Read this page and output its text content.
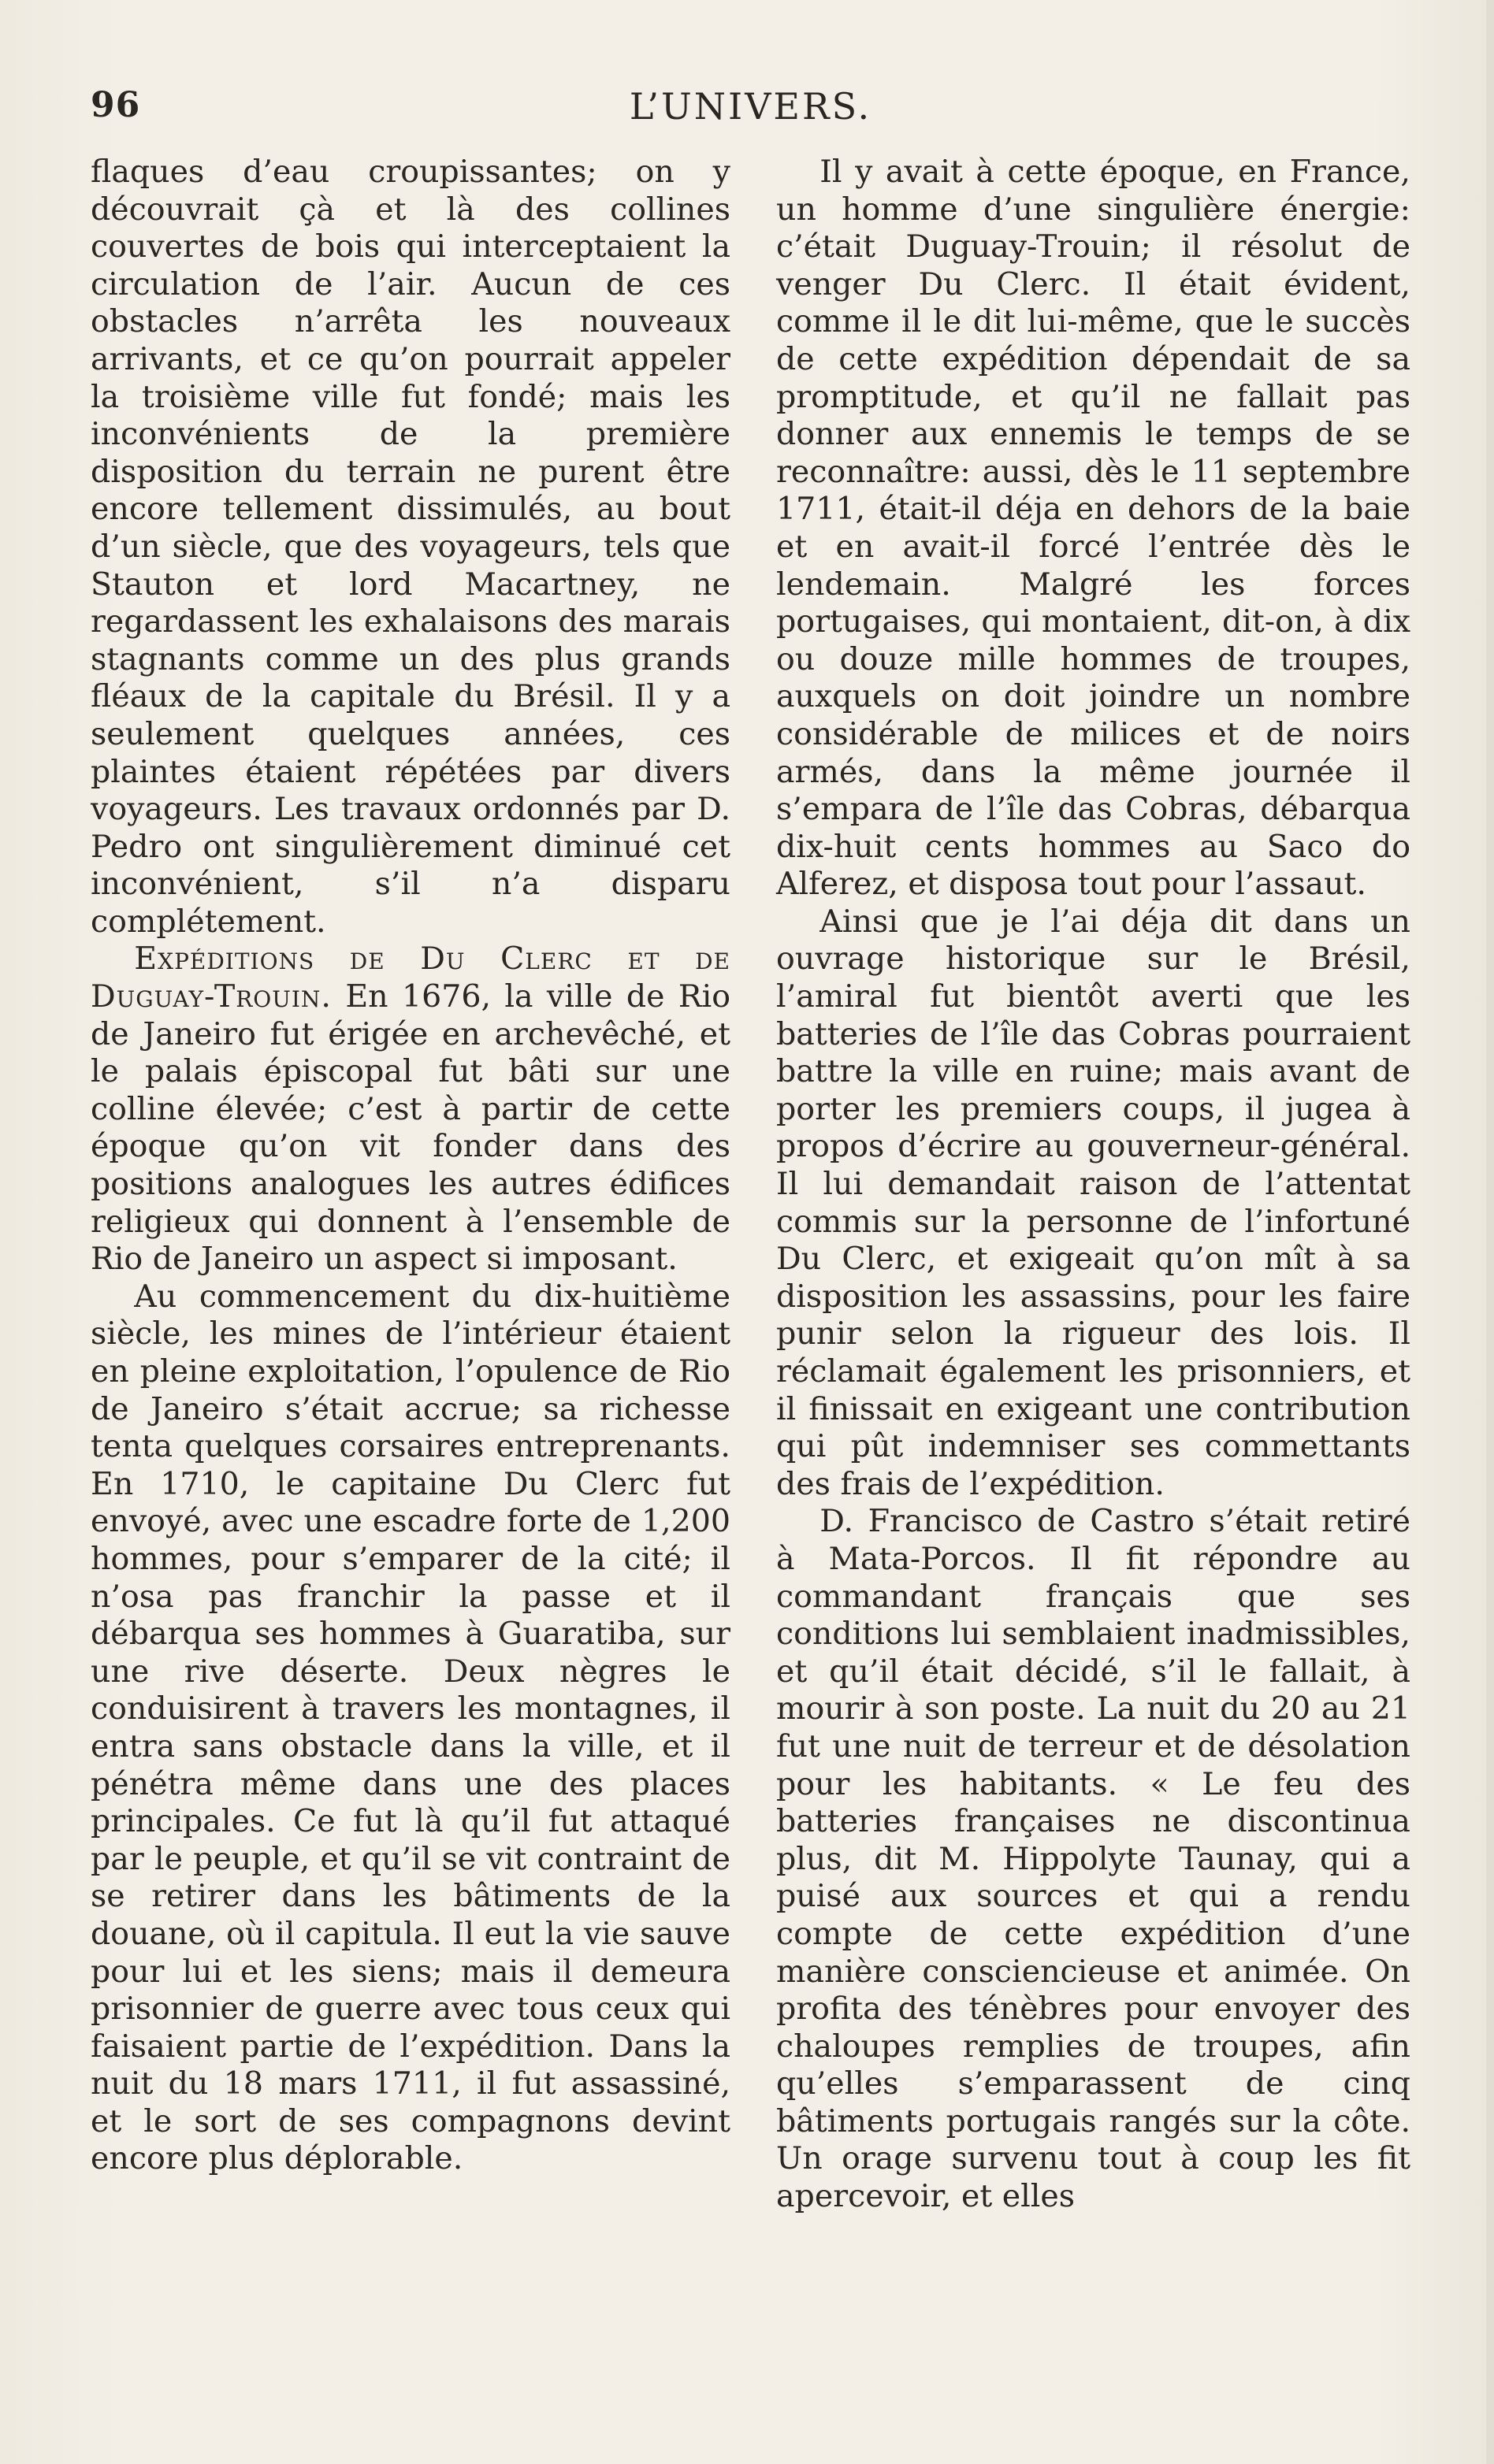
96	L’UNIVERS.

flaques d’eau croupissantes; on y découvrait çà et là des collines couvertes de bois qui interceptaient la circulation de l’air. Aucun de ces obstacles n’arrêta les nouveaux arrivants, et ce qu’on pourrait appeler la troisième ville fut fondé; mais les inconvénients de la première disposition du terrain ne purent être encore tellement dissimulés, au bout d’un siècle, que des voyageurs, tels que Stauton et lord Macartney, ne regardassent les exhalaisons des marais stagnants comme un des plus grands fléaux de la capitale du Brésil. Il y a seulement quelques années, ces plaintes étaient répétées par divers voyageurs. Les travaux ordonnés par D. Pedro ont singulièrement diminué cet inconvénient, s’il n’a disparu complétement.

Expéditions de Du Clerc et de Duguay-Trouin. En 1676, la ville de Rio de Janeiro fut érigée en archevêché, et le palais épiscopal fut bâti sur une colline élevée; c’est à partir de cette époque qu’on vit fonder dans des positions analogues les autres édifices religieux qui donnent à l’ensemble de Rio de Janeiro un aspect si imposant.

Au commencement du dix-huitième siècle, les mines de l’intérieur étaient en pleine exploitation, l’opulence de Rio de Janeiro s’était accrue; sa richesse tenta quelques corsaires entreprenants. En 1710, le capitaine Du Clerc fut envoyé, avec une escadre forte de 1,200 hommes, pour s’emparer de la cité; il n’osa pas franchir la passe et il débarqua ses hommes à Guaratiba, sur une rive déserte. Deux nègres le conduisirent à travers les montagnes, il entra sans obstacle dans la ville, et il pénétra même dans une des places principales. Ce fut là qu’il fut attaqué par le peuple, et qu’il se vit contraint de se retirer dans les bâtiments de la douane, où il capitula. Il eut la vie sauve pour lui et les siens; mais il demeura prisonnier de guerre avec tous ceux qui faisaient partie de l’expédition. Dans la nuit du 18 mars 1711, il fut assassiné, et le sort de ses compagnons devint encore plus déplorable.

Il y avait à cette époque, en France, un homme d’une singulière énergie: c’était Duguay-Trouin; il résolut de venger Du Clerc. Il était évident, comme il le dit lui-même, que le succès de cette expédition dépendait de sa promptitude, et qu’il ne fallait pas donner aux ennemis le temps de se reconnaître: aussi, dès le 11 septembre 1711, était-il déja en dehors de la baie et en avait-il forcé l’entrée dès le lendemain. Malgré les forces portugaises, qui montaient, dit-on, à dix ou douze mille hommes de troupes, auxquels on doit joindre un nombre considérable de milices et de noirs armés, dans la même journée il s’empara de l’île das Cobras, débarqua dix-huit cents hommes au Saco do Alferez, et disposa tout pour l’assaut.

Ainsi que je l’ai déja dit dans un ouvrage historique sur le Brésil, l’amiral fut bientôt averti que les batteries de l’île das Cobras pourraient battre la ville en ruine; mais avant de porter les premiers coups, il jugea à propos d’écrire au gouverneur-général. Il lui demandait raison de l’attentat commis sur la personne de l’infortuné Du Clerc, et exigeait qu’on mît à sa disposition les assassins, pour les faire punir selon la rigueur des lois. Il réclamait également les prisonniers, et il finissait en exigeant une contribution qui pût indemniser ses commettants des frais de l’expédition.

D. Francisco de Castro s’était retiré à Mata-Porcos. Il fit répondre au commandant français que ses conditions lui semblaient inadmissibles, et qu’il était décidé, s’il le fallait, à mourir à son poste. La nuit du 20 au 21 fut une nuit de terreur et de désolation pour les habitants. « Le feu des batteries françaises ne discontinua plus, dit M. Hippolyte Taunay, qui a puisé aux sources et qui a rendu compte de cette expédition d’une manière consciencieuse et animée. On profita des ténèbres pour envoyer des chaloupes remplies de troupes, afin qu’elles s’emparassent de cinq bâtiments portugais rangés sur la côte. Un orage survenu tout à coup les fit apercevoir, et elles
